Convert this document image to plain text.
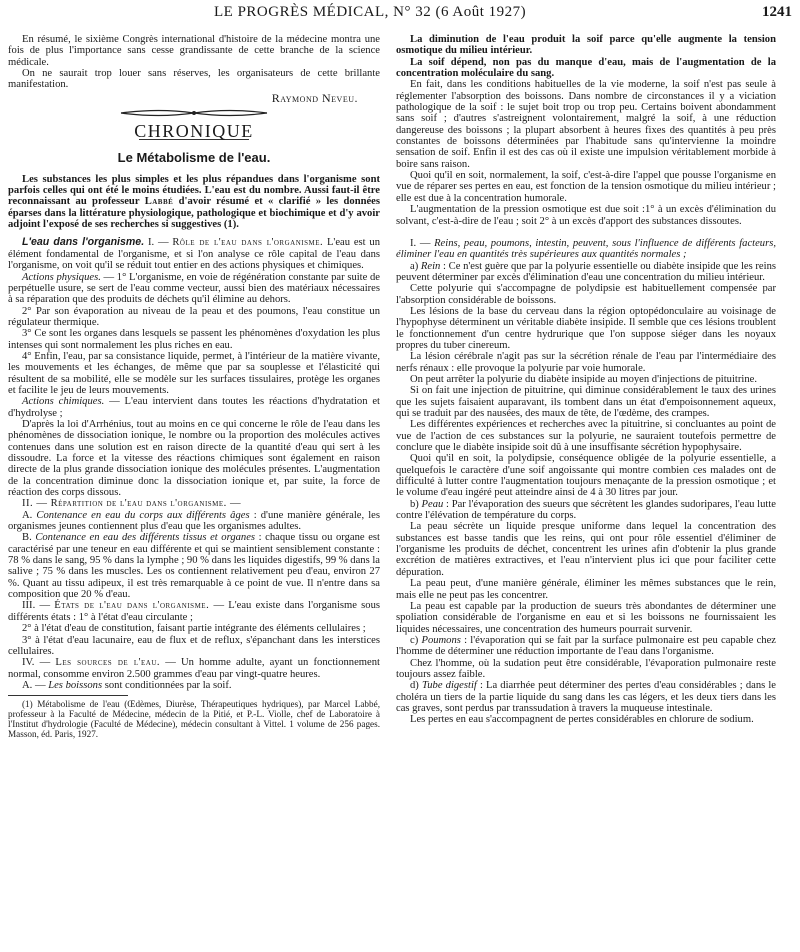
LE PROGRÈS MÉDICAL, N° 32 (6 Août 1927)	1241

En résumé, le sixième Congrès international d'histoire de la médecine montra une fois de plus l'importance sans cesse grandissante de cette branche de la science médicale.

On ne saurait trop louer sans réserves, les organisateurs de cette brillante manifestation.

Raymond Neveu.
CHRONIQUE
Le Métabolisme de l'eau.

Les substances les plus simples et les plus répandues dans l'organisme sont parfois celles qui ont été le moins étudiées. L'eau est du nombre. Aussi faut-il être reconnaissant au professeur Labbé d'avoir résumé et « clarifié » les données éparses dans la littérature physiologique, pathologique et biochimique et d'y avoir adjoint l'exposé de ses recherches si suggestives (1).

L'eau dans l'organisme. I. — Rôle de l'eau dans l'organisme. L'eau est un élément fondamental de l'organisme, et si l'on analyse ce rôle capital de l'eau dans l'organisme, on voit qu'il se réduit tout entier en des actions physiques et chimiques.

Actions physiques. — 1° L'organisme, en voie de régénération constante par suite de perpétuelle usure, se sert de l'eau comme vecteur, aussi bien des matériaux nécessaires à sa réparation que des produits de déchets qu'il élimine au dehors.

2° Par son évaporation au niveau de la peau et des poumons, l'eau constitue un régulateur thermique.

3° Ce sont les organes dans lesquels se passent les phénomènes d'oxydation les plus intenses qui sont normalement les plus riches en eau.

4° Enfin, l'eau, par sa consistance liquide, permet, à l'intérieur de la matière vivante, les mouvements et les échanges, de même que par sa souplesse et l'élasticité qui résultent de sa mobilité, elle se modèle sur les surfaces tissulaires, protège les organes et facilite le jeu de leurs mouvements.

Actions chimiques. — L'eau intervient dans toutes les réactions d'hydratation et d'hydrolyse ;

D'après la loi d'Arrhénius, tout au moins en ce qui concerne le rôle de l'eau dans les phénomènes de dissociation ionique, le nombre ou la proportion des molécules actives contenues dans une solution est en raison directe de la quantité d'eau qui sert à les dissoudre. La force et la vitesse des réactions chimiques sont également en raison directe de la plus grande dissociation ionique des molécules présentes. L'augmentation de la concentration diminue donc la dissociation ionique et, par suite, la force de réaction des corps dissous.

II. — Répartition de l'eau dans l'organisme. —

A. Contenance en eau du corps aux différents âges : d'une manière générale, les organismes jeunes contiennent plus d'eau que les organismes adultes.

B. Contenance en eau des différents tissus et organes : chaque tissu ou organe est caractérisé par une teneur en eau différente et qui se maintient sensiblement constante : 78 % dans le sang, 95 % dans la lymphe ; 90 % dans les liquides digestifs, 99 % dans la salive ; 75 % dans les muscles. Les os contiennent relativement peu d'eau, environ 27 %. Quant au tissu adipeux, il est très remarquable à ce point de vue. Il n'entre dans sa composition que 20 % d'eau.

III. — États de l'eau dans l'organisme. — L'eau existe dans l'organisme sous différents états : 1° à l'état d'eau circulante ;

2° à l'état d'eau de constitution, faisant partie intégrante des éléments cellulaires ;

3° à l'état d'eau lacunaire, eau de flux et de reflux, s'épanchant dans les interstices cellulaires.

IV. — Les sources de l'eau. — Un homme adulte, ayant un fonctionnement normal, consomme environ 2.500 grammes d'eau par vingt-quatre heures.

A. — Les boissons sont conditionnées par la soif.

(1) Métabolisme de l'eau (Œdèmes, Diurèse, Thérapeutiques hydriques), par Marcel Labbé, professeur à la Faculté de Médecine, médecin de la Pitié, et P.-L. Violle, chef de Laboratoire à l'Institut d'hydrologie (Faculté de Médecine), médecin consultant à Vittel. 1 volume de 256 pages. Masson, éd. Paris, 1927.

La diminution de l'eau produit la soif parce qu'elle augmente la tension osmotique du milieu intérieur.

La soif dépend, non pas du manque d'eau, mais de l'augmentation de la concentration moléculaire du sang.

En fait, dans les conditions habituelles de la vie moderne, la soif n'est pas seule à réglementer l'absorption des boissons. Dans nombre de circonstances il y a viciation pathologique de la soif : le sujet boit trop ou trop peu. Certains boivent abondamment sans soif ; d'autres s'astreignent volontairement, malgré la soif, à une réduction dangereuse des boissons ; la plupart absorbent à heures fixes des quantités à peu près constantes de boissons déterminées par l'habitude sans qu'intervienne la moindre sensation de soif. Enfin il est des cas où il existe une impulsion véritablement morbide à boire sans raison.

Quoi qu'il en soit, normalement, la soif, c'est-à-dire l'appel que pousse l'organisme en vue de réparer ses pertes en eau, est fonction de la tension osmotique du milieu intérieur ; elle est due à la concentration humorale.

L'augmentation de la pression osmotique est due soit :1° à un excès d'élimination du solvant, c'est-à-dire de l'eau ; soit 2° à un excès d'apport des substances dissoutes.

I. — Reins, peau, poumons, intestin, peuvent, sous l'influence de différents facteurs, éliminer l'eau en quantités très supérieures aux quantités normales ;

a) Rein : Ce n'est guère que par la polyurie essentielle ou diabète insipide que les reins peuvent déterminer par excès d'élimination d'eau une concentration du milieu intérieur.

Cette polyurie qui s'accompagne de polydipsie est habituellement compensée par l'absorption considérable de boissons.

Les lésions de la base du cerveau dans la région optopédonculaire au voisinage de l'hypophyse déterminent un véritable diabète insipide. Il semble que ces lésions troublent le fonctionnement d'un centre hydrurique que l'on suppose siéger dans les noyaux propres du tuber cinereum.

La lésion cérébrale n'agit pas sur la sécrétion rénale de l'eau par l'intermédiaire des nerfs rénaux : elle provoque la polyurie par voie humorale.

On peut arrêter la polyurie du diabète insipide au moyen d'injections de pituitrine.

Si on fait une injection de pituitrine, qui diminue considérablement le taux des urines que les sujets faisaient auparavant, ils tombent dans un état d'empoisonnement aqueux, qui se traduit par des nausées, des maux de tête, de l'œdème, des crampes.

Les différentes expériences et recherches avec la pituitrine, si concluantes au point de vue de l'action de ces substances sur la polyurie, ne sauraient toutefois permettre de conclure que le diabète insipide soit dû à une insuffisante sécrétion hypophysaire.

Quoi qu'il en soit, la polydipsie, conséquence obligée de la polyurie essentielle, a quelquefois le caractère d'une soif angoissante qui montre combien ces malades ont de difficulté à lutter contre l'augmentation toujours menaçante de la pression osmotique ; et le volume d'eau ingéré peut atteindre ainsi de 4 à 30 litres par jour.

b) Peau : Par l'évaporation des sueurs que sécrètent les glandes sudoripares, l'eau lutte contre l'élévation de température du corps.

La peau sécrète un liquide presque uniforme dans lequel la concentration des substances est basse tandis que les reins, qui ont pour rôle essentiel d'éliminer de l'organisme les produits de déchet, concentrent les urines afin d'obtenir la plus grande excrétion de matières extractives, et l'eau n'intervient plus ici que pour faciliter cette dépuration.

La peau peut, d'une manière générale, éliminer les mêmes substances que le rein, mais elle ne peut pas les concentrer.

La peau est capable par la production de sueurs très abondantes de déterminer une spoliation considérable de l'organisme en eau et si les boissons ne fournissaient les liquides nécessaires, une concentration des humeurs pourrait survenir.

c) Poumons : l'évaporation qui se fait par la surface pulmonaire est peu capable chez l'homme de déterminer une réduction importante de l'eau dans l'organisme.

Chez l'homme, où la sudation peut être considérable, l'évaporation pulmonaire reste toujours assez faible.

d) Tube digestif : La diarrhée peut déterminer des pertes d'eau considérables ; dans le choléra un tiers de la partie liquide du sang dans les cas légers, et les deux tiers dans les cas graves, sont perdus par transsudation à travers la muqueuse intestinale.

Les pertes en eau s'accompagnent de pertes considérables en chlorure de sodium.
